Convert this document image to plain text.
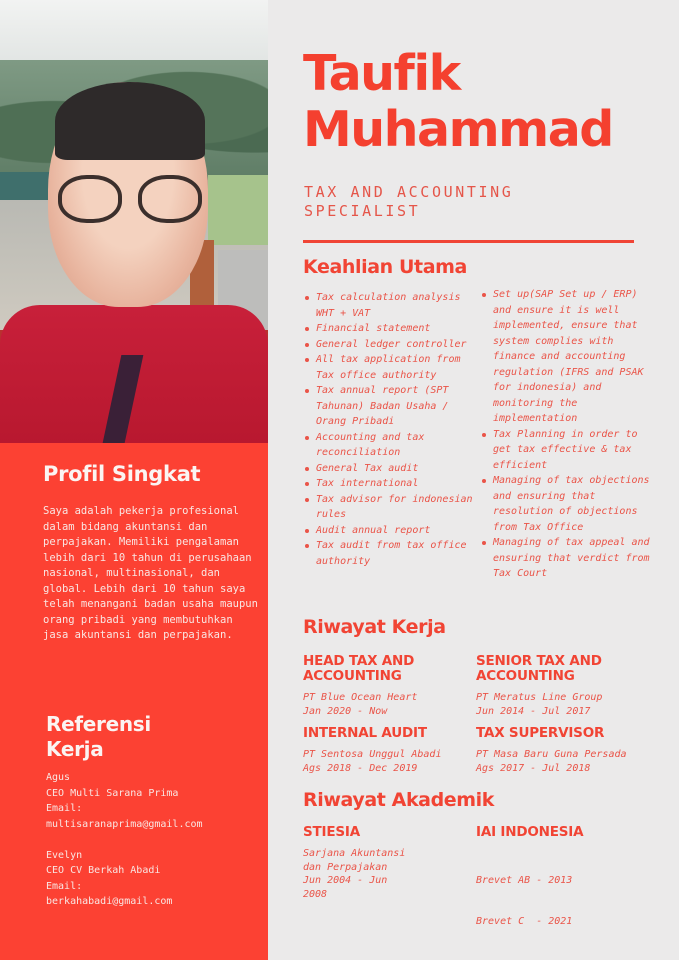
Profil Singkat
Saya adalah pekerja profesional dalam bidang akuntansi dan perpajakan. Memiliki pengalaman lebih dari 10 tahun di perusahaan nasional, multinasional, dan global. Lebih dari 10 tahun saya telah menangani badan usaha maupun orang pribadi yang membutuhkan jasa akuntansi dan perpajakan.
Referensi Kerja
Agus
CEO Multi Sarana Prima
Email:
multisaranaprima@gmail.com
Evelyn
CEO CV Berkah Abadi
Email:
berkahabadi@gmail.com
Taufik
Muhammad
TAX AND ACCOUNTING SPECIALIST
Keahlian Utama
Tax calculation analysis WHT + VAT
Financial statement
General ledger controller
All tax application from Tax office authority
Tax annual report (SPT Tahunan) Badan Usaha / Orang Pribadi
Accounting and tax reconciliation
General Tax audit
Tax international
Tax advisor for indonesian rules
Audit annual report
Tax audit from tax office authority
Set up(SAP Set up / ERP) and ensure it is well implemented, ensure that system complies with finance and accounting regulation (IFRS and PSAK for indonesia) and monitoring the implementation
Tax Planning in order to get tax effective & tax efficient
Managing of tax objections and ensuring that resolution of objections from Tax Office
Managing of tax appeal and ensuring that verdict from Tax Court
Riwayat Kerja
HEAD TAX AND ACCOUNTING
PT Blue Ocean Heart
Jan 2020 - Now
SENIOR TAX AND ACCOUNTING
PT Meratus Line Group
Jun 2014 - Jul 2017
INTERNAL AUDIT
PT Sentosa Unggul Abadi
Ags 2018 - Dec 2019
TAX SUPERVISOR
PT Masa Baru Guna Persada
Ags 2017 - Jul 2018
Riwayat Akademik
STIESIA
Sarjana Akuntansi
dan Perpajakan
Jun 2004 - Jun
2008
IAI INDONESIA

Brevet AB - 2013

Brevet C  - 2021
